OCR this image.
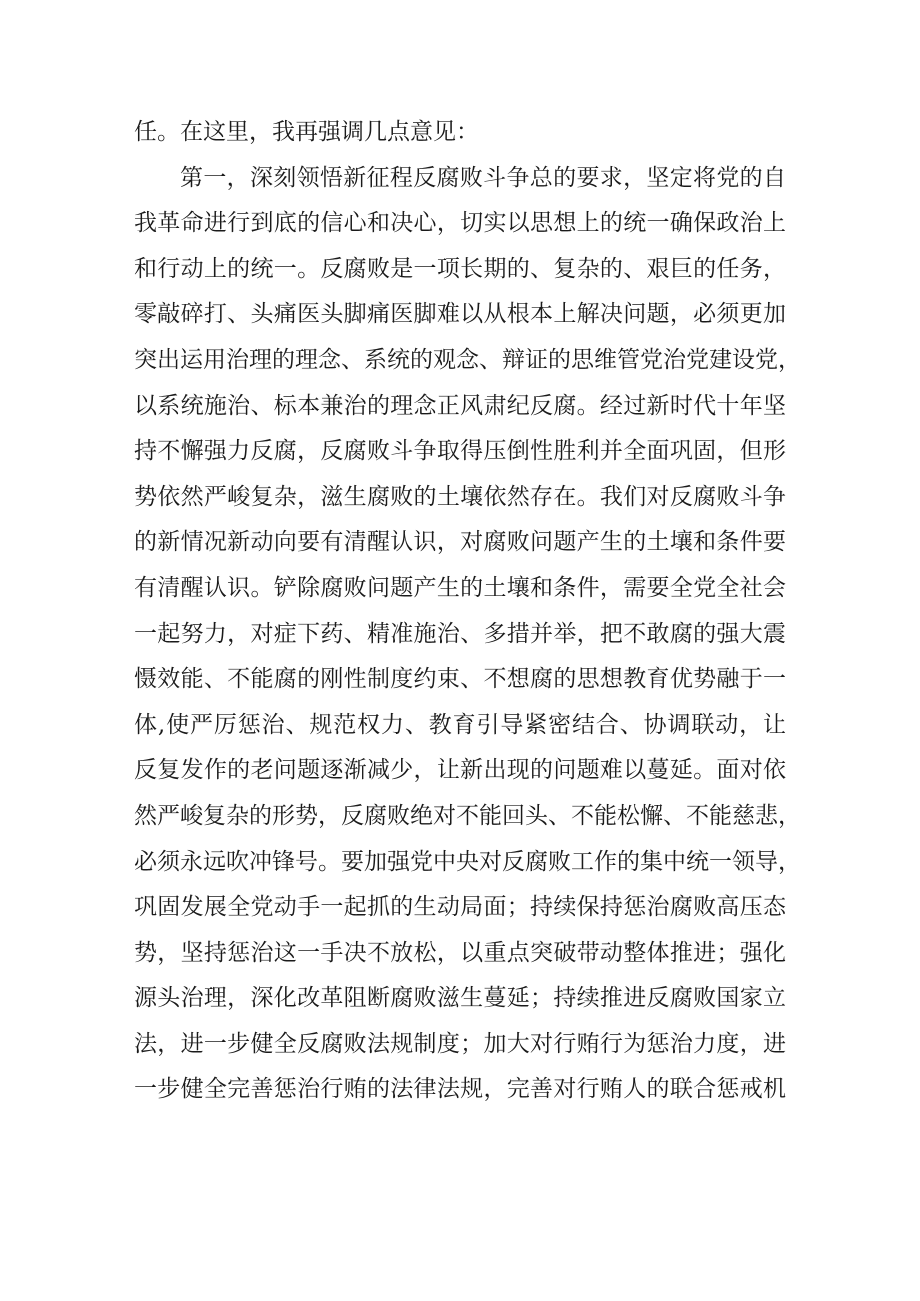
任。在这里，我再强调几点意见：
第一，深刻领悟新征程反腐败斗争总的要求，坚定将党的自
我革命进行到底的信心和决心，切实以思想上的统一确保政治上
和行动上的统一。反腐败是一项长期的、复杂的、艰巨的任务，
零敲碎打、头痛医头脚痛医脚难以从根本上解决问题，必须更加
突出运用治理的理念、系统的观念、辩证的思维管党治党建设党，
以系统施治、标本兼治的理念正风肃纪反腐。经过新时代十年坚
持不懈强力反腐，反腐败斗争取得压倒性胜利并全面巩固，但形
势依然严峻复杂，滋生腐败的土壤依然存在。我们对反腐败斗争
的新情况新动向要有清醒认识，对腐败问题产生的土壤和条件要
有清醒认识。铲除腐败问题产生的土壤和条件，需要全党全社会
一起努力，对症下药、精准施治、多措并举，把不敢腐的强大震
慑效能、不能腐的刚性制度约束、不想腐的思想教育优势融于一
体,使严厉惩治、规范权力、教育引导紧密结合、协调联动，让
反复发作的老问题逐渐减少，让新出现的问题难以蔓延。面对依
然严峻复杂的形势，反腐败绝对不能回头、不能松懈、不能慈悲，
必须永远吹冲锋号。要加强党中央对反腐败工作的集中统一领导，
巩固发展全党动手一起抓的生动局面；持续保持惩治腐败高压态
势，坚持惩治这一手决不放松，以重点突破带动整体推进；强化
源头治理，深化改革阻断腐败滋生蔓延；持续推进反腐败国家立
法，进一步健全反腐败法规制度；加大对行贿行为惩治力度，进
一步健全完善惩治行贿的法律法规，完善对行贿人的联合惩戒机
